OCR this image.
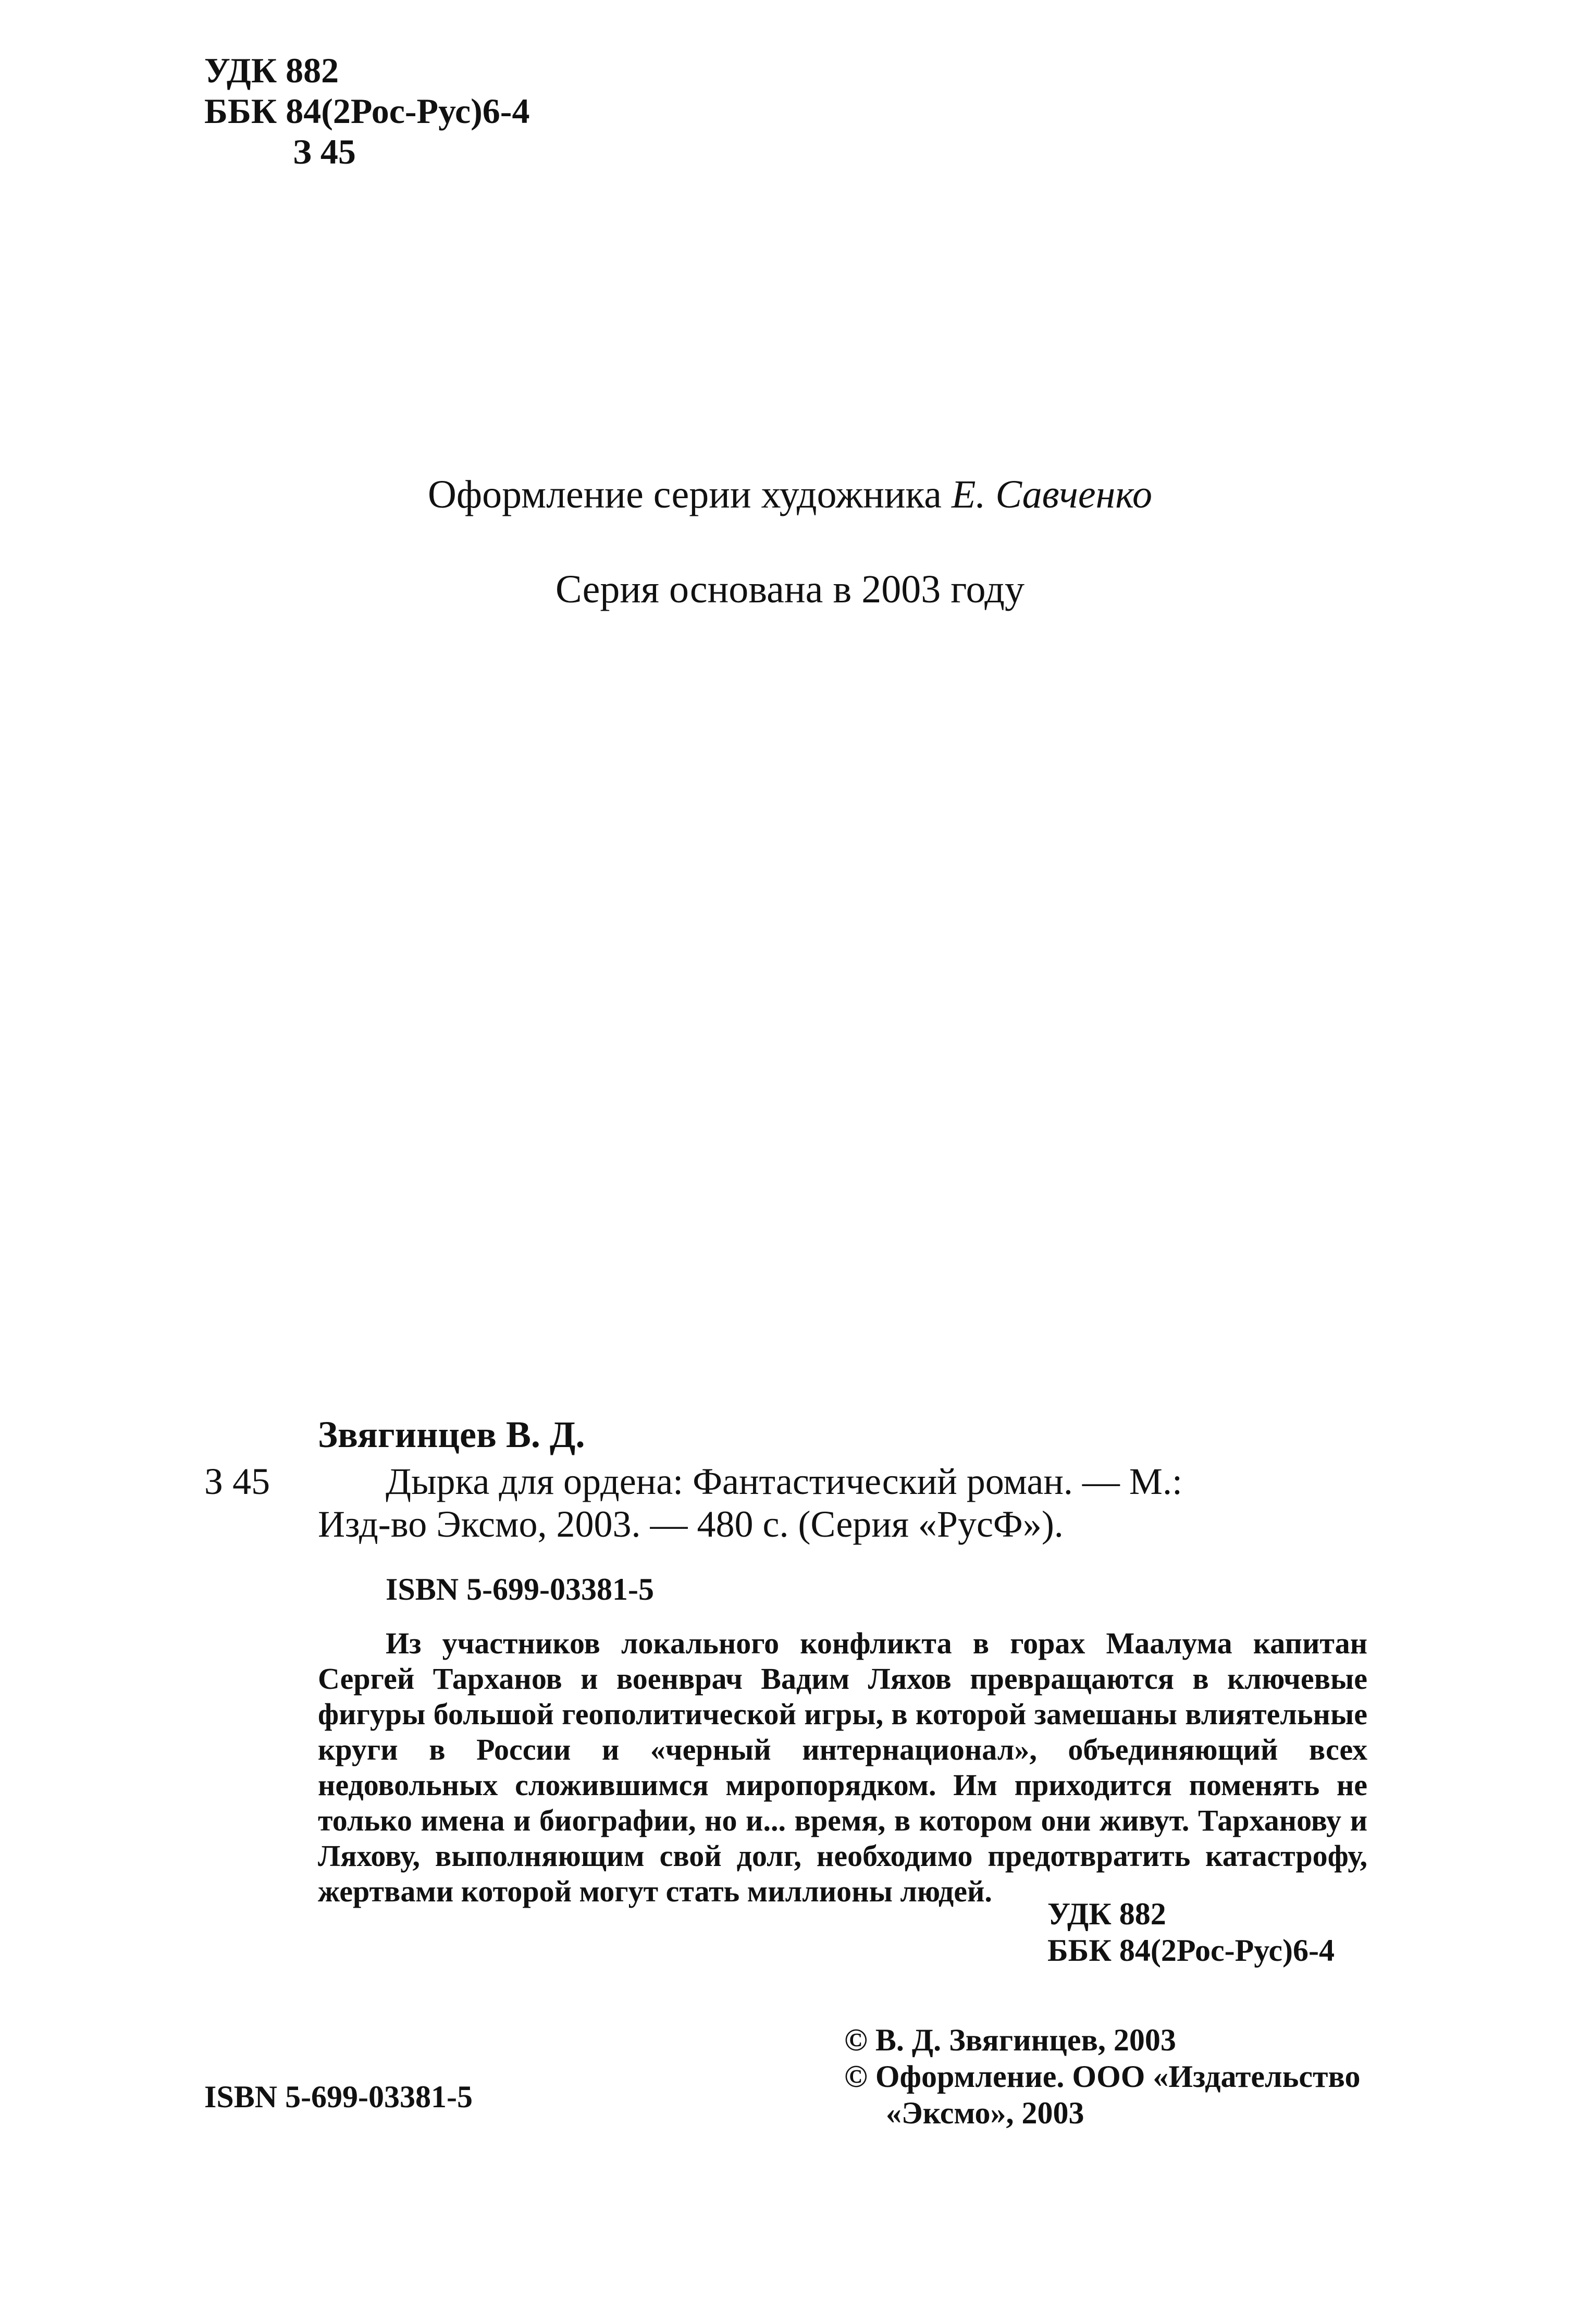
УДК 882
ББК 84(2Рос-Рус)6-4
З 45
Оформление серии художника Е. Савченко
Серия основана в 2003 году
Звягинцев В. Д.
З 45	Дырка для ордена: Фантастический роман. — М.:
Изд-во Эксмо, 2003. — 480 с. (Серия «РусФ»).
ISBN 5-699-03381-5
Из участников локального конфликта в горах Маалума капитан Сергей Тарханов и военврач Вадим Ляхов превращаются в ключевые фигуры большой геополитической игры, в которой замешаны влиятельные круги в России и «черный интернационал», объединяющий всех недовольных сложившимся миропорядком. Им приходится поменять не только имена и биографии, но и... время, в котором они живут. Тарханову и Ляхову, выполняющим свой долг, необходимо предотвратить катастрофу, жертвами которой могут стать миллионы людей.
УДК 882
ББК 84(2Рос-Рус)6-4
ISBN 5-699-03381-5
© В. Д. Звягинцев, 2003
© Оформление. ООО «Издательство
«Эксмо», 2003
